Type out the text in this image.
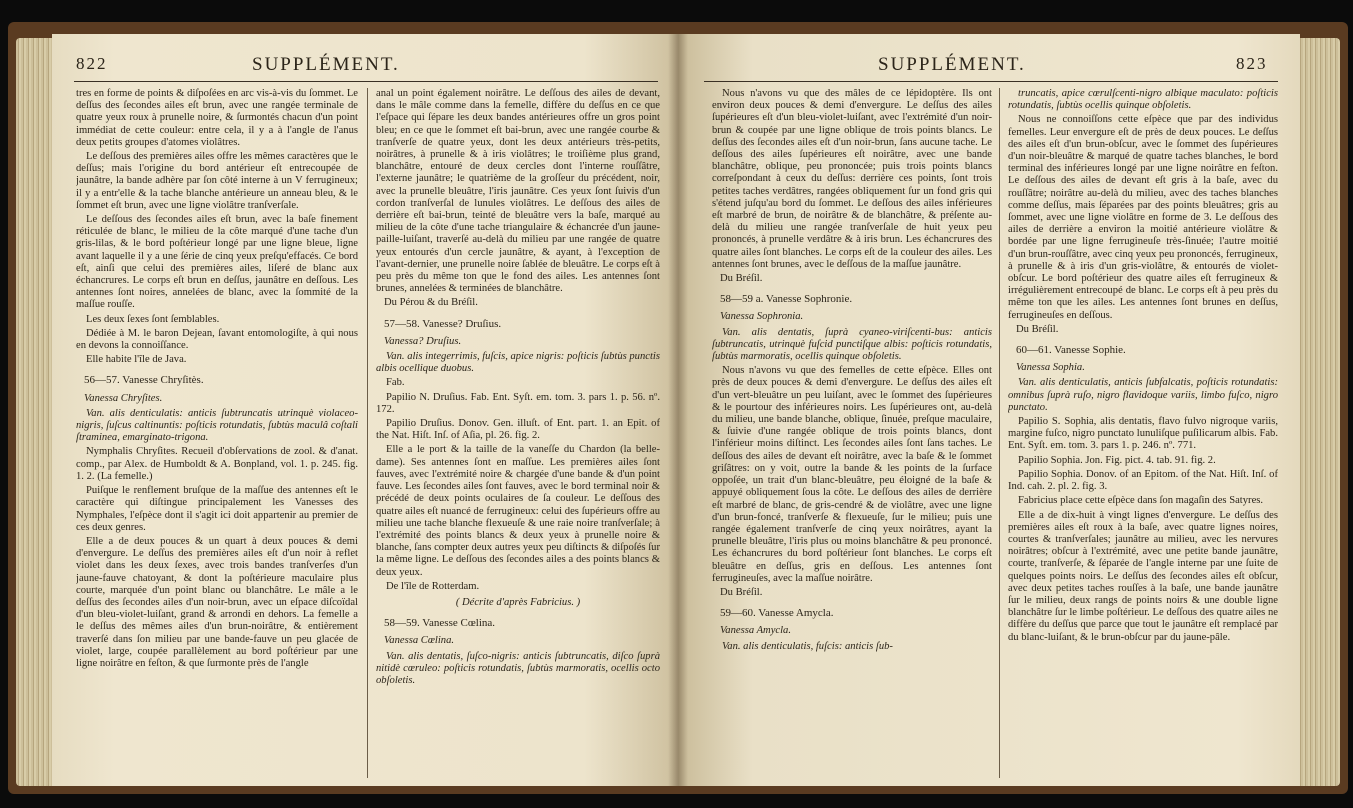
822	SUPPLÉMENT.

tres en forme de points & diſpoſées en arc vis-à-vis du ſommet. Le deſſus des ſecondes ailes eſt brun, avec une rangée terminale de quatre yeux roux à prunelle noire, & ſurmontés chacun d'un point immédiat de cette couleur: entre cela, il y a à l'angle de l'anus deux petits groupes d'atomes violâtres.

Le deſſous des premières ailes offre les mêmes caractères que le deſſus; mais l'origine du bord antérieur eſt entrecoupée de jaunâtre, la bande adhère par ſon côté interne à un V ferrugineux; il y a entr'elle & la tache blanche antérieure un anneau bleu, & le ſommet eſt brun, avec une ligne violâtre tranſverſale.

Le deſſous des ſecondes ailes eſt brun, avec la baſe finement réticulée de blanc, le milieu de la côte marqué d'une tache d'un gris-lilas, & le bord poſtérieur longé par une ligne bleue, ligne avant laquelle il y a une ſérie de cinq yeux preſqu'effacés. Ce bord eſt, ainſi que celui des premières ailes, liſeré de blanc aux échancrures. Le corps eſt brun en deſſus, jaunâtre en deſſous. Les antennes ſont noires, annelées de blanc, avec la ſommité de la maſſue rouſſe.

Les deux ſexes ſont ſemblables.

Dédiée à M. le baron Dejean, ſavant entomologiſte, à qui nous en devons la connoiſſance.

Elle habite l'île de Java.

56—57. Vanesse Chryſitès.

Vanessa Chryſites.

Van. alis denticulatis: anticis ſubtruncatis utrinquè violaceo-nigris, ſuſcus caltinuntis: poſticis rotundatis, ſubtùs maculâ coſtali ſtraminea, emarginato-trigona.

Nymphalis Chryſites. Recueil d'obſervations de zool. & d'anat. comp., par Alex. de Humboldt & A. Bonpland, vol. 1. p. 245. fig. 1. 2. (La femelle.)

Puiſque le renflement bruſque de la maſſue des antennes eſt le caractère qui diſtingue principalement les Vanesses des Nymphales, l'eſpèce dont il s'agit ici doit appartenir au premier de ces deux genres.

Elle a de deux pouces & un quart à deux pouces & demi d'envergure. Le deſſus des premières ailes eſt d'un noir à reflet violet dans les deux ſexes, avec trois bandes tranſverſes d'un jaune-fauve chatoyant, & dont la poſtérieure maculaire plus courte, marquée d'un point blanc ou blanchâtre. Le mâle a le deſſus des ſecondes ailes d'un noir-brun, avec un eſpace diſcoïdal d'un bleu-violet-luiſant, grand & arrondi en dehors. La femelle a le deſſus des mêmes ailes d'un brun-noirâtre, & entièrement traverſé dans ſon milieu par une bande-fauve un peu glacée de violet, large, coupée parallèlement au bord poſtérieur par une ligne noirâtre en feſton, & que ſurmonte près de l'angle

anal un point également noirâtre. Le deſſous des ailes de devant, dans le mâle comme dans la femelle, diffère du deſſus en ce que l'eſpace qui ſépare les deux bandes antérieures offre un gros point bleu; en ce que le ſommet eſt bai-brun, avec une rangée courbe & tranſverſe de quatre yeux, dont les deux antérieurs très-petits, noirâtres, à prunelle & à iris violâtres; le troiſième plus grand, blanchâtre, entouré de deux cercles dont l'interne rouſſâtre, l'externe jaunâtre; le quatrième de la groſſeur du précédent, noir, avec la prunelle bleuâtre, l'iris jaunâtre. Ces yeux ſont ſuivis d'un cordon tranſverſal de lunules violâtres. Le deſſous des ailes de derrière eſt bai-brun, teinté de bleuâtre vers la baſe, marqué au milieu de la côte d'une tache triangulaire & échancrée d'un jaune-paille-luiſant, traverſé au-delà du milieu par une rangée de quatre yeux entourés d'un cercle jaunâtre, & ayant, à l'exception de l'avant-dernier, une prunelle noire ſablée de bleuâtre. Le corps eſt à peu près du même ton que le fond des ailes. Les antennes ſont brunes, annelées & terminées de blanchâtre.

Du Pérou & du Bréſil.

57—58. Vanesse? Druſius.

Vanessa? Druſius.

Van. alis integerrimis, fuſcis, apice nigris: poſticis ſubtùs punctis albis ocellique duobus.

Fab.

Papilio N. Druſius. Fab. Ent. Syſt. em. tom. 3. pars 1. p. 56. nº. 172.

Papilio Druſius. Donov. Gen. illuſt. of Ent. part. 1. an Epit. of the Nat. Hiſt. Inſ. of Aſia, pl. 26. fig. 2.

Elle a le port & la taille de la vaneſſe du Chardon (la belle-dame). Ses antennes ſont en maſſue. Les premières ailes ſont fauves, avec l'extrémité noire & chargée d'une bande & d'un point fauve. Les ſecondes ailes ſont fauves, avec le bord terminal noir & précédé de deux points oculaires de ſa couleur. Le deſſous des quatre ailes eſt nuancé de ferrugineux: celui des ſupérieurs offre au milieu une tache blanche flexueuſe & une raie noire tranſverſale; à l'extrémité des points blancs & deux yeux à prunelle noire & blanche, ſans compter deux autres yeux peu diſtincts & diſpoſés ſur la même ligne. Le deſſous des ſecondes ailes a des points blancs & deux yeux.

De l'île de Rotterdam.

( Décrite d'après Fabricius. )

58—59. Vanesse Cœlina.

Vanessa Cœlina.

Van. alis dentatis, ſuſco-nigris: anticis ſubtruncatis, diſco ſuprà nitidè cœruleo: poſticis rotundatis, ſubtùs marmoratis, ocellis octo obſoletis.

SUPPLÉMENT.	823

Nous n'avons vu que des mâles de ce lépidoptère. Ils ont environ deux pouces & demi d'envergure. Le deſſus des ailes ſupérieures eſt d'un bleu-violet-luiſant, avec l'extrémité d'un noir-brun & coupée par une ligne oblique de trois points blancs. Le deſſus des ſecondes ailes eſt d'un noir-brun, ſans aucune tache. Le deſſous des ailes ſupérieures eſt noirâtre, avec une bande blanchâtre, oblique, peu prononcée; puis trois points blancs correſpondant à ceux du deſſus: derrière ces points, ſont trois petites taches verdâtres, rangées obliquement ſur un fond gris qui s'étend juſqu'au bord du ſommet. Le deſſous des ailes inférieures eſt marbré de brun, de noirâtre & de blanchâtre, & préſente au-delà du milieu une rangée tranſverſale de huit yeux peu prononcés, à prunelle verdâtre & à iris brun. Les échancrures des quatre ailes ſont blanches. Le corps eſt de la couleur des ailes. Les antennes ſont brunes, avec le deſſous de la maſſue jaunâtre.

Du Bréſil.

58—59 a. Vanesse Sophronie.

Vanessa Sophronia.

Van. alis dentatis, ſuprà cyaneo-viriſcenti-bus: anticis ſubtruncatis, utrinquè fuſcid punctiſque albis: poſticis rotundatis, ſubtùs marmoratis, ocellis quinque obſoletis.

Nous n'avons vu que des femelles de cette eſpèce. Elles ont près de deux pouces & demi d'envergure. Le deſſus des ailes eſt d'un vert-bleuâtre un peu luiſant, avec le ſommet des ſupérieures & le pourtour des inférieures noirs. Les ſupérieures ont, au-delà du milieu, une bande blanche, oblique, ſinuée, preſque maculaire, & ſuivie d'une rangée oblique de trois points blancs, dont l'inférieur moins diſtinct. Les ſecondes ailes ſont ſans taches. Le deſſous des ailes de devant eſt noirâtre, avec la baſe & le ſommet griſâtres: on y voit, outre la bande & les points de la ſurface oppoſée, un trait d'un blanc-bleuâtre, peu éloigné de la baſe & appuyé obliquement ſous la côte. Le deſſous des ailes de derrière eſt marbré de blanc, de gris-cendré & de violâtre, avec une ligne d'un brun-foncé, tranſverſe & flexueuſe, ſur le milieu; puis une rangée également tranſverſe de cinq yeux noirâtres, ayant la prunelle bleuâtre, l'iris plus ou moins blanchâtre & peu prononcé. Les échancrures du bord poſtérieur ſont blanches. Le corps eſt bleuâtre en deſſus, gris en deſſous. Les antennes ſont ferrugineuſes, avec la maſſue noirâtre.

Du Bréſil.

59—60. Vanesse Amycla.

Vanessa Amycla.

Van. alis denticulatis, fuſcis: anticis ſub-

truncatis, apice cœrulſcenti-nigro albique maculato: poſticis rotundatis, ſubtùs ocellis quinque obſoletis.

Nous ne connoiſſons cette eſpèce que par des individus femelles. Leur envergure eſt de près de deux pouces. Le deſſus des ailes eſt d'un brun-obſcur, avec le ſommet des ſupérieures d'un noir-bleuâtre & marqué de quatre taches blanches, le bord terminal des inférieures longé par une ligne noirâtre en feſton. Le deſſous des ailes de devant eſt gris à la baſe, avec du rouſſâtre; noirâtre au-delà du milieu, avec des taches blanches comme deſſus, mais ſéparées par des points bleuâtres; gris au ſommet, avec une ligne violâtre en forme de 3. Le deſſous des ailes de derrière a environ la moitié antérieure violâtre & bordée par une ligne ferrugineuſe très-ſinuée; l'autre moitié d'un brun-rouſſâtre, avec cinq yeux peu prononcés, ferrugineux, à prunelle & à iris d'un gris-violâtre, & entourés de violet-obſcur. Le bord poſtérieur des quatre ailes eſt ferrugineux & irrégulièrement entrecoupé de blanc. Le corps eſt à peu près du même ton que les ailes. Les antennes ſont brunes en deſſus, ferrugineuſes en deſſous.

Du Bréſil.

60—61. Vanesse Sophie.

Vanessa Sophia.

Van. alis denticulatis, anticis ſubfalcatis, poſticis rotundatis: omnibus ſuprà ruſo, nigro flavidoque variis, limbo fuſco, nigro punctato.

Papilio S. Sophia, alis dentatis, flavo fulvo nigroque variis, margine fuſco, nigro punctato lunuliſque puſilicarum albis. Fab. Ent. Syſt. em. tom. 3. pars 1. p. 246. nº. 771.

Papilio Sophia. Jon. Fig. pict. 4. tab. 91. fig. 2.

Papilio Sophia. Donov. of an Epitom. of the Nat. Hiſt. Inſ. of Ind. cah. 2. pl. 2. fig. 3.

Fabricius place cette eſpèce dans ſon magaſin des Satyres.

Elle a de dix-huit à vingt lignes d'envergure. Le deſſus des premières ailes eſt roux à la baſe, avec quatre lignes noires, courtes & tranſverſales; jaunâtre au milieu, avec les nervures noirâtres; obſcur à l'extrémité, avec une petite bande jaunâtre, courte, tranſverſe, & ſéparée de l'angle interne par une ſuite de quelques points noirs. Le deſſus des ſecondes ailes eſt obſcur, avec deux petites taches rouſſes à la baſe, une bande jaunâtre ſur le milieu, deux rangs de points noirs & une double ligne blanchâtre ſur le limbe poſtérieur. Le deſſous des quatre ailes ne diffère du deſſus que parce que tout le jaunâtre eſt remplacé par du blanc-luiſant, & le brun-obſcur par du jaune-pâle.
